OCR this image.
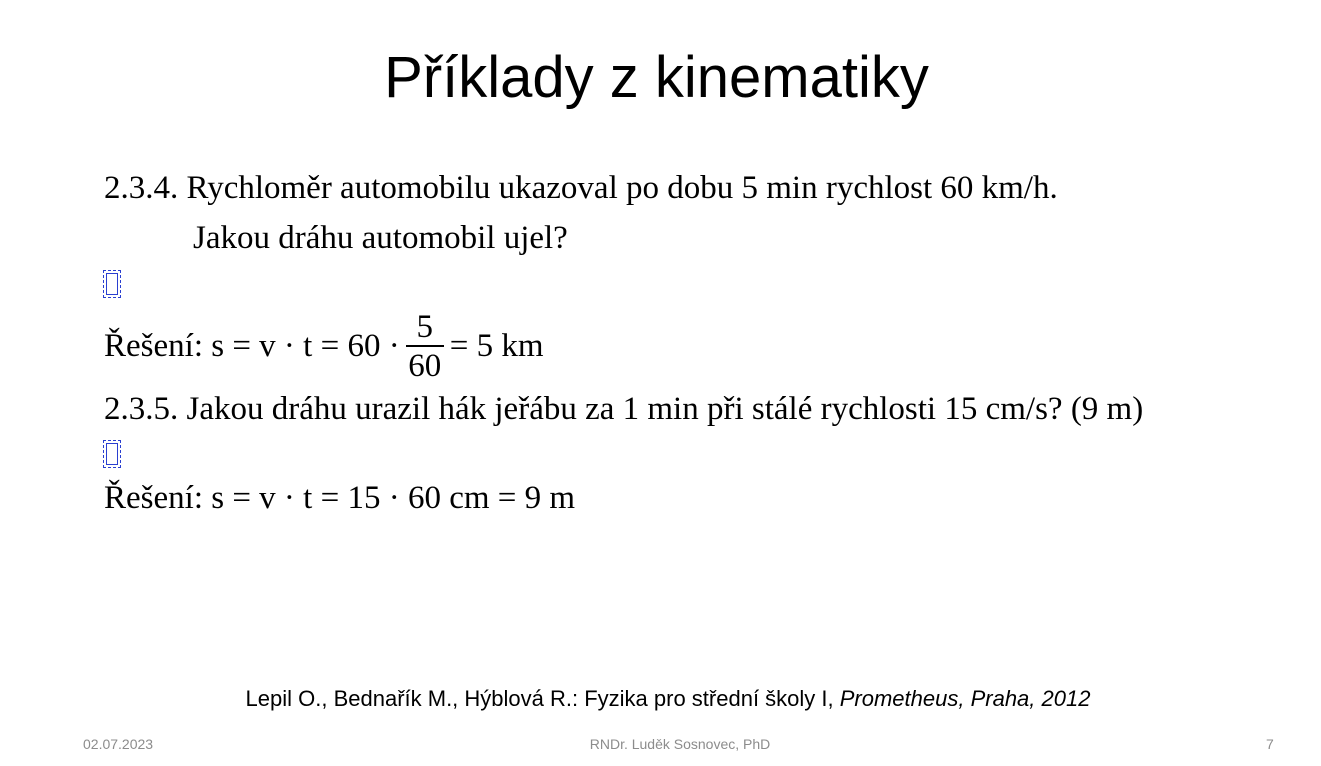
Příklady z kinematiky
2.3.4. Rychloměr automobilu ukazoval po dobu 5 min rychlost 60 km/h.
Jakou dráhu automobil ujel?
Řešení: $s = v \cdot t = 60 \cdot \frac{5}{60} = 5$ km
2.3.5. Jakou dráhu urazil hák jeřábu za 1 min při stálé rychlosti 15 cm/s? (9 m)
Řešení: s = v · t = 15 · 60 cm = 9 m
Lepil O., Bednařík M., Hýblová R.: Fyzika pro střední školy I, Prometheus, Praha, 2012
02.07.2023	RNDr. Luděk Sosnovec, PhD	7
